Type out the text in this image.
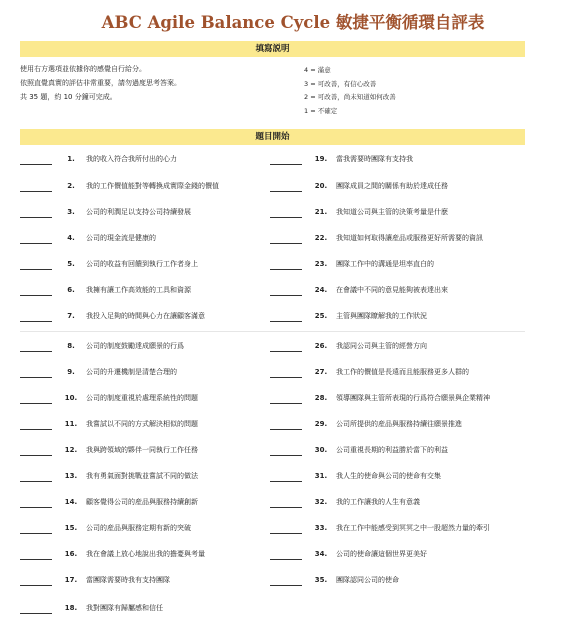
ABC Agile Balance Cycle 敏捷平衡循環自評表
填寫説明
使用右方選項並依據你的感覺自行給分。
依照直覺真實的評估非常重要，請勿過度思考答案。
共 35 題，約 10 分鐘可完成。
4 = 滿意
3 = 可改善，有信心改善
2 = 可改善，尚未知道如何改善
1 = 不確定
題目開始
1.	我的收入符合我所付出的心力
2.	我的工作價值能對等轉換成實際金錢的價值
3.	公司的利潤足以支持公司持續發展
4.	公司的現金流是健康的
5.	公司的收益有回饋到執行工作者身上
6.	我擁有讓工作高效能的工具和資源
7.	我投入足夠的時間與心力在讓顧客滿意
8.	公司的制度鼓勵達成願景的行爲
9.	公司的升遷機制是清楚合理的
10.	公司的制度重視於處理系統性的問題
11.	我嘗試以不同的方式解決相似的問題
12.	我與跨領域的夥伴一同執行工作任務
13.	我有勇氣面對挑戰並嘗試不同的做法
14.	顧客覺得公司的産品與服務持續創新
15.	公司的産品與服務定期有新的突破
16.	我在會議上放心地說出我的擔憂與考量
17.	當團隊需要時我有支持團隊
18.	我對團隊有歸屬感和信任
19.	當我需要時團隊有支持我
20.	團隊成員之間的關係有助於達成任務
21.	我知道公司與主管的決策考量是什麽
22.	我知道如何取得讓産品或服務更好所需要的資訊
23.	團隊工作中的溝通是坦率直白的
24.	在會議中不同的意見能夠被表達出來
25.	主管與團隊瞭解我的工作狀況
26.	我認同公司與主管的經營方向
27.	我工作的價值是長遠而且能服務更多人群的
28.	領導團隊與主管所表現的行爲符合願景與企業精神
29.	公司所提供的産品與服務持續往願景推進
30.	公司重視長期的利益勝於當下的利益
31.	我人生的使命與公司的使命有交集
32.	我的工作讓我的人生有意義
33.	我在工作中能感受到冥冥之中一股超然力量的牽引
34.	公司的使命讓這個世界更美好
35.	團隊認同公司的使命
